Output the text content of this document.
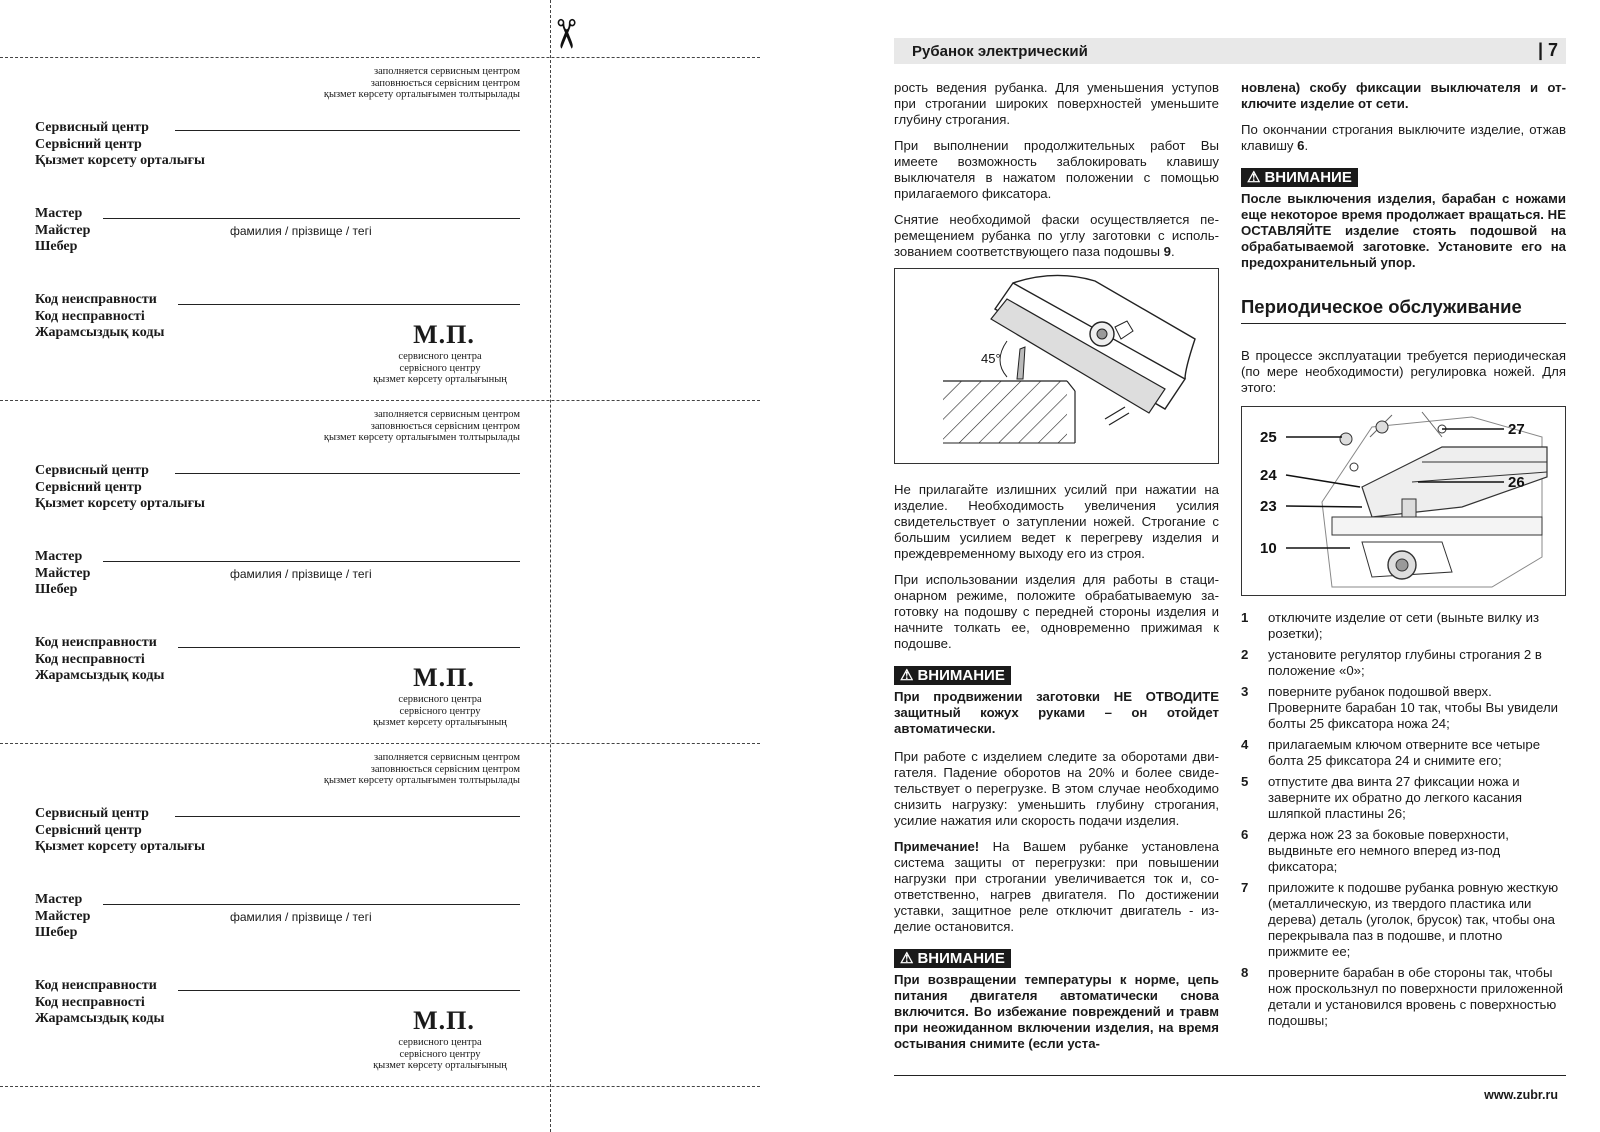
✂
заполняется сервисным центром
заповнюється сервісним центром
қызмет көрсету орталығымен толтырылады
Сервисный центр
Сервісний центр
Қызмет корсету орталығы
Мастер
Майстер
Шебер
фамилия / прізвище / тегі
Код неисправности
Код несправності
Жарамсыздық коды	М.П.
сервисного центра
сервісного центру
қызмет көрсету орталығының
заполняется сервисным центром
заповнюється сервісним центром
қызмет көрсету орталығымен толтырылады
Сервисный центр
Сервісний центр
Қызмет корсету орталығы
Мастер
Майстер
Шебер
фамилия / прізвище / тегі
Код неисправности
Код несправності
Жарамсыздық коды	М.П.
сервисного центра
сервісного центру
қызмет көрсету орталығының
заполняется сервисным центром
заповнюється сервісним центром
қызмет көрсету орталығымен толтырылады
Сервисный центр
Сервісний центр
Қызмет корсету орталығы
Мастер
Майстер
Шебер
фамилия / прізвище / тегі
Код неисправности
Код несправності
Жарамсыздық коды	М.П.
сервисного центра
сервісного центру
қызмет көрсету орталығының
Рубанок электрический	| 7

рость ведения рубанка. Для уменьшения уступов при строгании широких поверхностей уменьшите глубину строгания.

При выполнении продолжительных работ Вы имеете возможность заблокировать клавишу выключателя в нажатом положении с помощью прилагаемого фиксатора.

Снятие необходимой фаски осуществляется перемещением рубанка по углу заготовки с использованием соответствующего паза подошвы 9.

45°

Не прилагайте излишних усилий при нажатии на изделие. Необходимость увеличения усилия свидетельствует о затуплении ножей. Строгание с большим усилием ведет к перегреву изделия и преждевременному выходу его из строя.

При использовании изделия для работы в стационарном режиме, положите обрабатываемую заготовку на подошву с передней стороны изделия и начните толкать ее, одновременно прижимая к подошве.

⚠ ВНИМАНИЕ

При продвижении заготовки НЕ ОТВОДИТЕ защитный кожух руками – он отойдет автоматически.

При работе с изделием следите за оборотами двигателя. Падение оборотов на 20% и более свидетельствует о перегрузке. В этом случае необходимо снизить нагрузку: уменьшить глубину строгания, усилие нажатия или скорость подачи изделия.

Примечание! На Вашем рубанке установлена система защиты от перегрузки: при повышении нагрузки при строгании увеличивается ток и, соответственно, нагрев двигателя. По достижении уставки, защитное реле отключит двигатель - изделие остановится.

⚠ ВНИМАНИЕ

При возвращении температуры к норме, цепь питания двигателя автоматически снова включится. Во избежание повреждений и травм при неожиданном включении изделия, на время остывания снимите (если уста-

новлена) скобу фиксации выключателя и отключите изделие от сети.

По окончании строгания выключите изделие, отжав клавишу 6.

⚠ ВНИМАНИЕ

После выключения изделия, барабан с ножами еще некоторое время продолжает вращаться. НЕ ОСТАВЛЯЙТЕ изделие стоять подошвой на обрабатываемой заготовке. Установите его на предохранительный упор.

Периодическое обслуживание

В процессе эксплуатации требуется периодическая (по мере необходимости) регулировка ножей. Для этого:

25
24
23
10
27
26
1	отключите изделие от сети (выньте вилку из розетки);
2	установите регулятор глубины строгания 2 в положение «0»;
3	поверните рубанок подошвой вверх. Проверните барабан 10 так, чтобы Вы увидели болты 25 фиксатора ножа 24;
4	прилагаемым ключом отверните все четыре болта 25 фиксатора 24 и снимите его;
5	отпустите два винта 27 фиксации ножа и заверните их обратно до легкого касания шляпкой пластины 26;
6	держа нож 23 за боковые поверхности, выдвиньте его немного вперед из-под фиксатора;
7	приложите к подошве рубанка ровную жесткую (металлическую, из твердого пластика или дерева) деталь (уголок, брусок) так, чтобы она перекрывала паз в подошве, и плотно прижмите ее;
8	проверните барабан в обе стороны так, чтобы нож проскользнул по поверхности приложенной детали и установился вровень с поверхностью подошвы;
www.zubr.ru
